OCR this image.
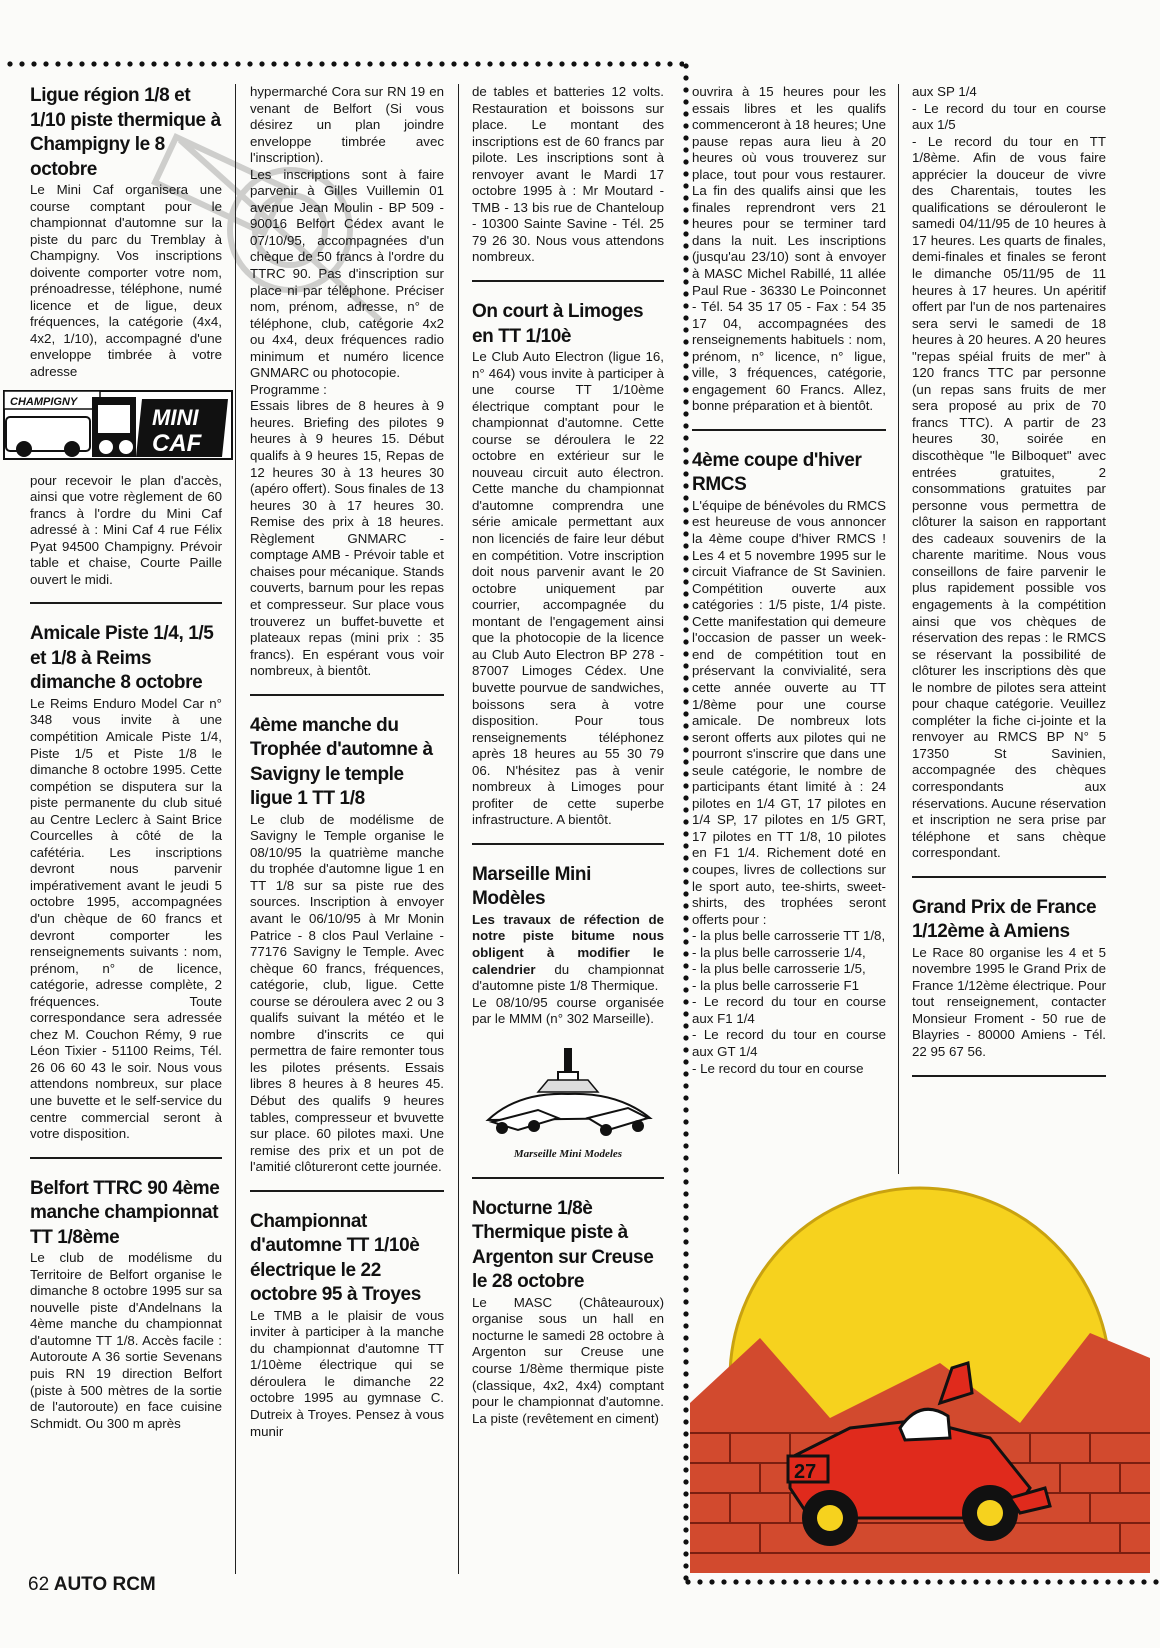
Ligue région 1/8 et 1/10 piste thermique à Champigny le 8 octobre

Le Mini Caf organisera une course comptant pour le championnat d'automne sur la piste du parc du Tremblay à Champigny. Vos inscriptions doivente comporter votre nom, prénoadresse, téléphone, numé licence et de ligue, deux fréquences, la catégorie (4x4, 4x2, 1/10), accompagné d'une enveloppe timbrée à votre adresse

CHAMPIGNY
MINI
CAF

pour recevoir le plan d'accès, ainsi que votre règlement de 60 francs à l'ordre du Mini Caf adressé à : Mini Caf 4 rue Félix Pyat 94500 Champigny. Prévoir table et chaise, Courte Paille ouvert le midi.

Amicale Piste 1/4, 1/5 et 1/8 à Reims dimanche 8 octobre

Le Reims Enduro Model Car n° 348 vous invite à une compétition Amicale Piste 1/4, Piste 1/5 et Piste 1/8 le dimanche 8 octobre 1995. Cette compétion se disputera sur la piste permanente du club situé au Centre Leclerc à Saint Brice Courcelles à côté de la cafétéria. Les inscriptions devront nous parvenir impérativement avant le jeudi 5 octobre 1995, accompagnées d'un chèque de 60 francs et devront comporter les renseignements suivants : nom, prénom, n° de licence, catégorie, adresse complète, 2 fréquences. Toute correspondance sera adressée chez M. Couchon Rémy, 9 rue Léon Tixier - 51100 Reims, Tél. 26 06 60 43 le soir. Nous vous attendons nombreux, sur place une buvette et le self-service du centre commercial seront à votre disposition.

Belfort TTRC 90 4ème manche championnat TT 1/8ème

Le club de modélisme du Territoire de Belfort organise le dimanche 8 octobre 1995 sur sa nouvelle piste d'Andelnans la 4ème manche du championnat d'automne TT 1/8. Accès facile : Autoroute A 36 sortie Sevenans puis RN 19 direction Belfort (piste à 500 mètres de la sortie de l'autoroute) en face cuisine Schmidt. Ou 300 m après

hypermarché Cora sur RN 19 en venant de Belfort (Si vous désirez un plan joindre enveloppe timbrée avec l'inscription).

Les inscriptions sont à faire parvenir à Gilles Vuillemin 01 avenue Jean Moulin - BP 509 - 90016 Belfort Cédex avant le 07/10/95, accompagnées d'un chèque de 50 francs à l'ordre du TTRC 90. Pas d'inscription sur place ni par téléphone. Préciser nom, prénom, adresse, n° de téléphone, club, catégorie 4x2 ou 4x4, deux fréquences radio minimum et numéro licence GNMARC ou photocopie.

Programme :

Essais libres de 8 heures à 9 heures. Briefing des pilotes 9 heures à 9 heures 15. Début qualifs à 9 heures 15, Repas de 12 heures 30 à 13 heures 30 (apéro offert). Sous finales de 13 heures 30 à 17 heures 30. Remise des prix à 18 heures. Règlement GNMARC - comptage AMB - Prévoir table et chaises pour mécanique. Stands couverts, barnum pour les repas et compresseur. Sur place vous trouverez un buffet-buvette et plateaux repas (mini prix : 35 francs). En espérant vous voir nombreux, à bientôt.

4ème manche du Trophée d'automne à Savigny le temple ligue 1 TT 1/8

Le club de modélisme de Savigny le Temple organise le 08/10/95 la quatrième manche du trophée d'automne ligue 1 en TT 1/8 sur sa piste rue des sources. Inscription à envoyer avant le 06/10/95 à Mr Monin Patrice - 8 clos Paul Verlaine - 77176 Savigny le Temple. Avec chèque 60 francs, fréquences, catégorie, club, ligue. Cette course se déroulera avec 2 ou 3 qualifs suivant la météo et le nombre d'inscrits ce qui permettra de faire remonter tous les pilotes présents. Essais libres 8 heures à 8 heures 45. Début des qualifs 9 heures tables, compresseur et bvuvette sur place. 60 pilotes maxi. Une remise des prix et un pot de l'amitié clôtureront cette journée.

Championnat d'automne TT 1/10è électrique le 22 octobre 95 à Troyes

Le TMB a le plaisir de vous inviter à participer à la manche du championnat d'automne TT 1/10ème électrique qui se déroulera le dimanche 22 octobre 1995 au gymnase C. Dutreix à Troyes. Pensez à vous munir

de tables et batteries 12 volts. Restauration et boissons sur place. Le montant des inscriptions est de 60 francs par pilote. Les inscriptions sont à renvoyer avant le Mardi 17 octobre 1995 à : Mr Moutard - TMB - 13 bis rue de Chanteloup - 10300 Sainte Savine - Tél. 25 79 26 30. Nous vous attendons nombreux.

On court à Limoges en TT 1/10è

Le Club Auto Electron (ligue 16, n° 464) vous invite à participer à une course TT 1/10ème électrique comptant pour le championnat d'automne. Cette course se déroulera le 22 octobre en extérieur sur le nouveau circuit auto électron. Cette manche du championnat d'automne comprendra une série amicale permettant aux non licenciés de faire leur début en compétition. Votre inscription doit nous parvenir avant le 20 octobre uniquement par courrier, accompagnée du montant de l'engagement ainsi que la photocopie de la licence au Club Auto Electron BP 278 - 87007 Limoges Cédex. Une buvette pourvue de sandwiches, boissons sera à votre disposition. Pour tous renseignements téléphonez après 18 heures au 55 30 79 06. N'hésitez pas à venir nombreux à Limoges pour profiter de cette superbe infrastructure. A bientôt.

Marseille Mini Modèles

Les travaux de réfection de notre piste bitume nous obligent à modifier le calendrier du championnat d'automne piste 1/8 Thermique.

Le 08/10/95 course organisée par le MMM (n° 302 Marseille).

Marseille Mini Modeles
Nocturne 1/8è Thermique piste à Argenton sur Creuse le 28 octobre

Le MASC (Châteauroux) organise sous un hall en nocturne le samedi 28 octobre à Argenton sur Creuse une course 1/8ème thermique piste (classique, 4x2, 4x4) comptant pour le championnat d'automne. La piste (revêtement en ciment)

ouvrira à 15 heures pour les essais libres et les qualifs commenceront à 18 heures; Une pause repas aura lieu à 20 heures où vous trouverez sur place, tout pour vous restaurer. La fin des qualifs ainsi que les finales reprendront vers 21 heures pour se terminer tard dans la nuit. Les inscriptions (jusqu'au 23/10) sont à envoyer à MASC Michel Rabillé, 11 allée Paul Rue - 36330 Le Poinconnet - Tél. 54 35 17 05 - Fax : 54 35 17 04, accompagnées des renseignements habituels : nom, prénom, n° licence, n° ligue, ville, 3 fréquences, catégorie, engagement 60 Francs. Allez, bonne préparation et à bientôt.

4ème coupe d'hiver RMCS

L'équipe de bénévoles du RMCS est heureuse de vous annoncer la 4ème coupe d'hiver RMCS ! Les 4 et 5 novembre 1995 sur le circuit Viafrance de St Savinien. Compétition ouverte aux catégories : 1/5 piste, 1/4 piste. Cette manifestation qui demeure l'occasion de passer un week-end de compétition tout en préservant la convivialité, sera cette année ouverte au TT 1/8ème pour une course amicale. De nombreux lots seront offerts aux pilotes qui ne pourront s'inscrire que dans une seule catégorie, le nombre de participants étant limité à : 24 pilotes en 1/4 GT, 17 pilotes en 1/4 SP, 17 pilotes en 1/5 GRT, 17 pilotes en TT 1/8, 10 pilotes en F1 1/4. Richement doté en coupes, livres de collections sur le sport auto, tee-shirts, sweet-shirts, des trophées seront offerts pour :

- la plus belle carrosserie TT 1/8,

- la plus belle carrosserie 1/4,

- la plus belle carrosserie 1/5,

- la plus belle carrosserie F1

- Le record du tour en course aux F1 1/4

- Le record du tour en course aux GT 1/4

- Le record du tour en course

aux SP 1/4

- Le record du tour en course aux 1/5

- Le record du tour en TT 1/8ème. Afin de vous faire apprécier la douceur de vivre des Charentais, toutes les qualifications se dérouleront le samedi 04/11/95 de 10 heures à 17 heures. Les quarts de finales, demi-finales et finales se feront le dimanche 05/11/95 de 11 heures à 17 heures. Un apéritif offert par l'un de nos partenaires sera servi le samedi de 18 heures à 20 heures. A 20 heures "repas spéial fruits de mer" à 120 francs TTC par personne (un repas sans fruits de mer sera proposé au prix de 70 francs TTC). A partir de 23 heures 30, soirée en discothèque "le Bilboquet" avec entrées gratuites, 2 consommations gratuites par personne vous permettra de clôturer la saison en rapportant des cadeaux souvenirs de la charente maritime. Nous vous conseillons de faire parvenir le plus rapidement possible vos engagements à la compétition ainsi que vos chèques de réservation des repas : le RMCS se réservant la possibilité de clôturer les inscriptions dès que le nombre de pilotes sera atteint pour chaque catégorie. Veuillez compléter la fiche ci-jointe et la renvoyer au RMCS BP N° 5 17350 St Savinien, accompagnée des chèques correspondants aux réservations. Aucune réservation et inscription ne sera prise par téléphone et sans chèque correspondant.

Grand Prix de France 1/12ème à Amiens

Le Race 80 organise les 4 et 5 novembre 1995 le Grand Prix de France 1/12ème électrique. Pour tout renseignement, contacter Monsieur Froment - 50 rue de Blayries - 80000 Amiens - Tél. 22 95 67 56.

27
62 AUTO RCM
